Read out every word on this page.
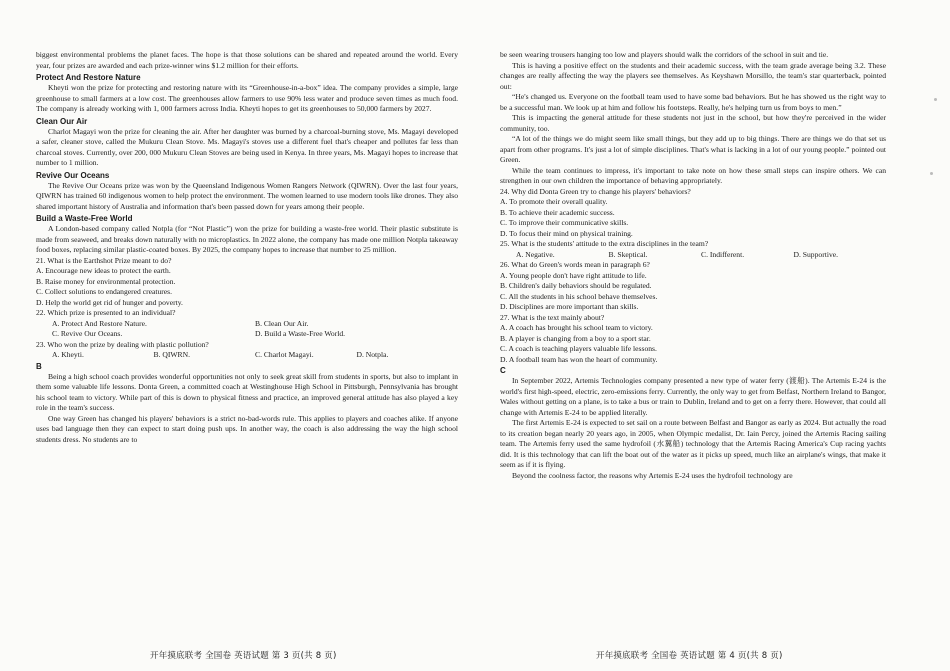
biggest environmental problems the planet faces. The hope is that those solutions can be shared and repeated around the world. Every year, four prizes are awarded and each prize-winner wins $1.2 million for their efforts.

Protect And Restore Nature

Kheyti won the prize for protecting and restoring nature with its “Greenhouse-in-a-box” idea. The company provides a simple, large greenhouse to small farmers at a low cost. The greenhouses allow farmers to use 90% less water and produce seven times as much food. The company is already working with 1, 000 farmers across India. Kheyti hopes to get its greenhouses to 50,000 farmers by 2027.

Clean Our Air

Charlot Magayi won the prize for cleaning the air. After her daughter was burned by a charcoal-burning stove, Ms. Magayi developed a safer, cleaner stove, called the Mukuru Clean Stove. Ms. Magayi's stoves use a different fuel that's cheaper and pollutes far less than charcoal stoves. Currently, over 200, 000 Mukuru Clean Stoves are being used in Kenya. In three years, Ms. Magayi hopes to increase that number to 1 million.

Revive Our Oceans

The Revive Our Oceans prize was won by the Queensland Indigenous Women Rangers Network (QIWRN). Over the last four years, QIWRN has trained 60 indigenous women to help protect the environment. The women learned to use modern tools like drones. They also shared important history of Australia and information that's been passed down for years among their people.

Build a Waste-Free World

A London-based company called Notpla (for “Not Plastic”) won the prize for building a waste-free world. Their plastic substitute is made from seaweed, and breaks down naturally with no microplastics. In 2022 alone, the company has made one million Notpla takeaway food boxes, replacing similar plastic-coated boxes. By 2025, the company hopes to increase that number to 25 million.

21. What is the Earthshot Prize meant to do?

A. Encourage new ideas to protect the earth.

B. Raise money for environmental protection.

C. Collect solutions to endangered creatures.

D. Help the world get rid of hunger and poverty.

22. Which prize is presented to an individual?

A. Protect And Restore Nature.	B. Clean Our Air.
C. Revive Our Oceans.	D. Build a Waste-Free World.

23. Who won the prize by dealing with plastic pollution?

A. Kheyti.	B. QIWRN.	C. Charlot Magayi.	D. Notpla.

B

Being a high school coach provides wonderful opportunities not only to seek great skill from students in sports, but also to implant in them some valuable life lessons. Donta Green, a committed coach at Westinghouse High School in Pittsburgh, Pennsylvania has brought his school team to victory. While part of this is down to physical fitness and practice, an improved general attitude has also played a key role in the team's success.

One way Green has changed his players' behaviors is a strict no-bad-words rule. This applies to players and coaches alike. If anyone uses bad language then they can expect to start doing push ups. In another way, the coach is also addressing the way the high school students dress. No students are to

be seen wearing trousers hanging too low and players should walk the corridors of the school in suit and tie.

This is having a positive effect on the students and their academic success, with the team grade average being 3.2. These changes are really affecting the way the players see themselves. As Keyshawn Morsillo, the team's star quarterback, pointed out:

“He's changed us. Everyone on the football team used to have some bad behaviors. But he has showed us the right way to be a successful man. We look up at him and follow his footsteps. Really, he's helping turn us from boys to men.”

This is impacting the general attitude for these students not just in the school, but how they're perceived in the wider community, too.

“A lot of the things we do might seem like small things, but they add up to big things. There are things we do that set us apart from other programs. It's just a lot of simple disciplines. That's what is lacking in a lot of our young people.” pointed out Green.

While the team continues to impress, it's important to take note on how these small steps can inspire others. We can strengthen in our own children the importance of behaving appropriately.

24. Why did Donta Green try to change his players' behaviors?

A. To promote their overall quality.

B. To achieve their academic success.

C. To improve their communicative skills.

D. To focus their mind on physical training.

25. What is the students' attitude to the extra disciplines in the team?

A. Negative.	B. Skeptical.	C. Indifferent.	D. Supportive.

26. What do Green's words mean in paragraph 6?

A. Young people don't have right attitude to life.

B. Children's daily behaviors should be regulated.

C. All the students in his school behave themselves.

D. Disciplines are more important than skills.

27. What is the text mainly about?

A. A coach has brought his school team to victory.

B. A player is changing from a boy to a sport star.

C. A coach is teaching players valuable life lessons.

D. A football team has won the heart of community.

C

In September 2022, Artemis Technologies company presented a new type of water ferry (渡船). The Artemis E-24 is the world's first high-speed, electric, zero-emissions ferry. Currently, the only way to get from Belfast, Northern Ireland to Bangor, Wales without getting on a plane, is to take a bus or train to Dublin, Ireland and to get on a ferry there. However, that could all change with Artemis E-24 to be applied literally.

The first Artemis E-24 is expected to set sail on a route between Belfast and Bangor as early as 2024. But actually the road to its creation began nearly 20 years ago, in 2005, when Olympic medalist, Dr. Iain Percy, joined the Artemis Racing sailing team. The Artemis ferry used the same hydrofoil (水翼船) technology that the Artemis Racing America's Cup racing yachts did. It is this technology that can lift the boat out of the water as it picks up speed, much like an airplane's wings, that make it seem as if it is flying.

Beyond the coolness factor, the reasons why Artemis E-24 uses the hydrofoil technology are

开年摸底联考 全国卷 英语试题 第 3 页(共 8 页)	开年摸底联考 全国卷 英语试题 第 4 页(共 8 页)
